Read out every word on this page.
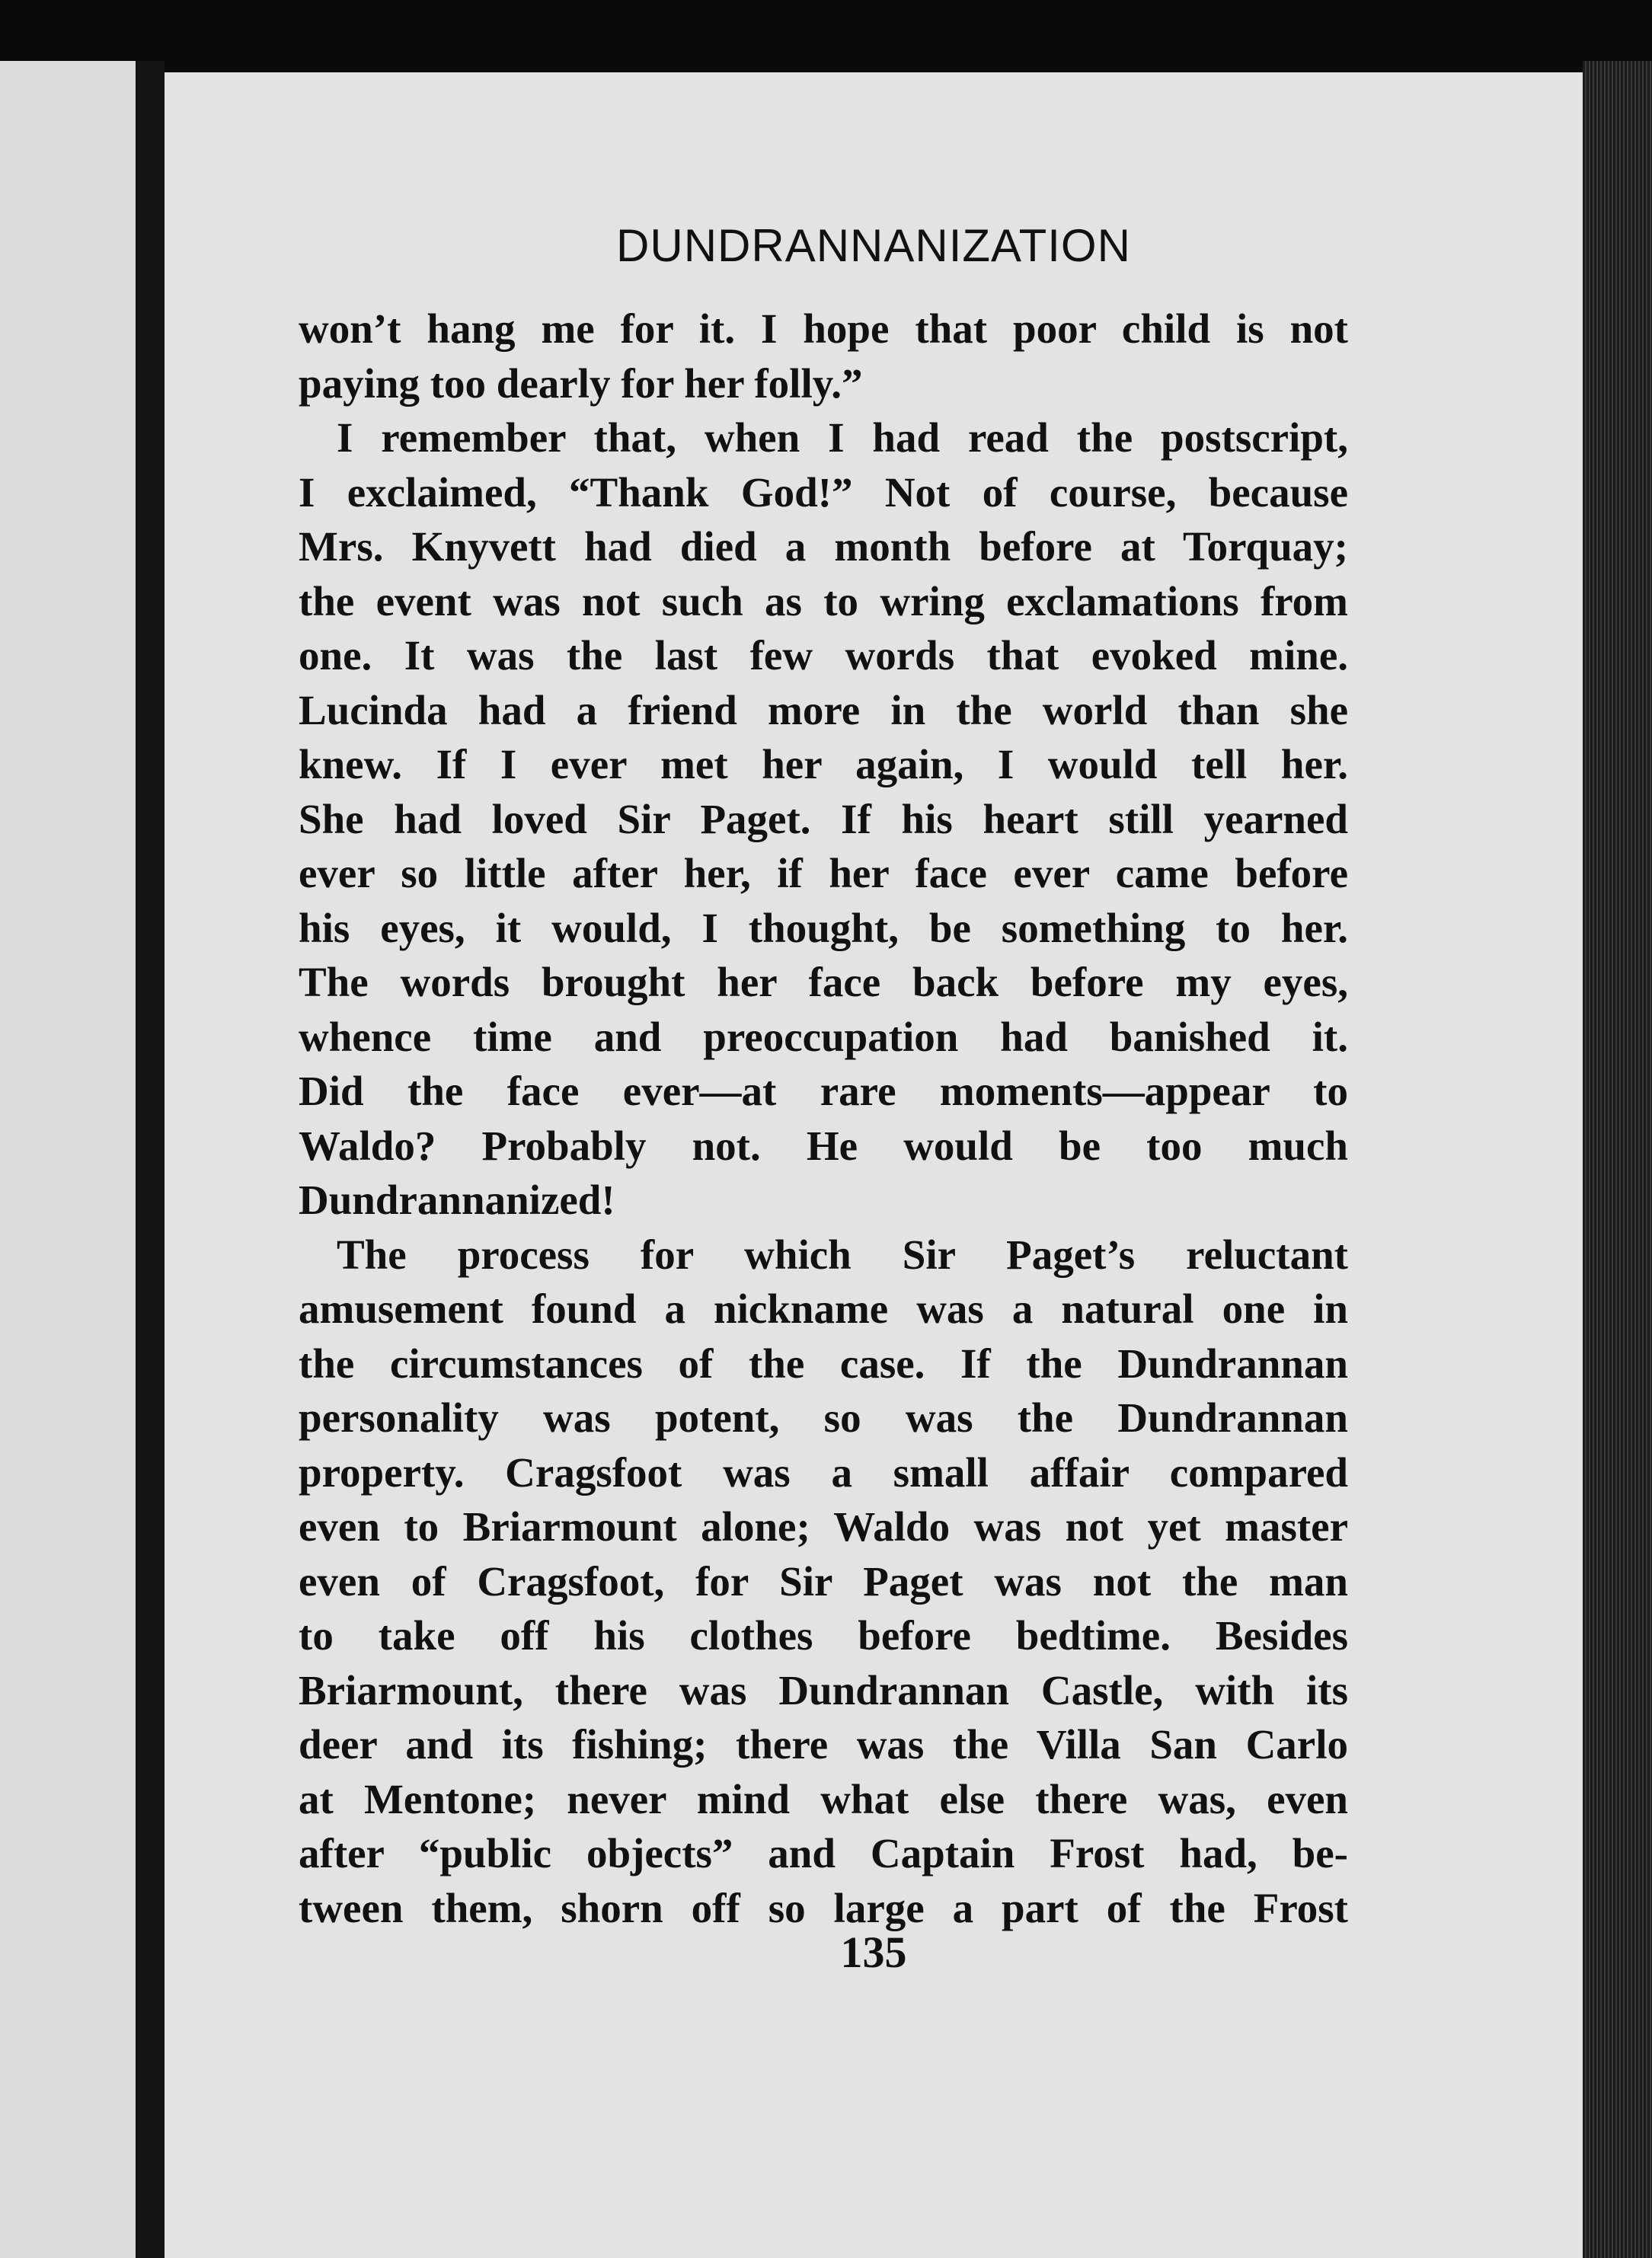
DUNDRANNANIZATION
won’t hang me for it. I hope that poor child is not
paying too dearly for her folly.”
I remember that, when I had read the postscript,
I exclaimed, “Thank God!” Not of course, because
Mrs. Knyvett had died a month before at Torquay;
the event was not such as to wring exclamations from
one. It was the last few words that evoked mine.
Lucinda had a friend more in the world than she
knew. If I ever met her again, I would tell her.
She had loved Sir Paget. If his heart still yearned
ever so little after her, if her face ever came before
his eyes, it would, I thought, be something to her.
The words brought her face back before my eyes,
whence time and preoccupation had banished it.
Did the face ever—at rare moments—appear to
Waldo? Probably not. He would be too much
Dundrannanized!
The process for which Sir Paget’s reluctant
amusement found a nickname was a natural one in
the circumstances of the case. If the Dundrannan
personality was potent, so was the Dundrannan
property. Cragsfoot was a small affair compared
even to Briarmount alone; Waldo was not yet master
even of Cragsfoot, for Sir Paget was not the man
to take off his clothes before bedtime. Besides
Briarmount, there was Dundrannan Castle, with its
deer and its fishing; there was the Villa San Carlo
at Mentone; never mind what else there was, even
after “public objects” and Captain Frost had, be-
tween them, shorn off so large a part of the Frost
135
